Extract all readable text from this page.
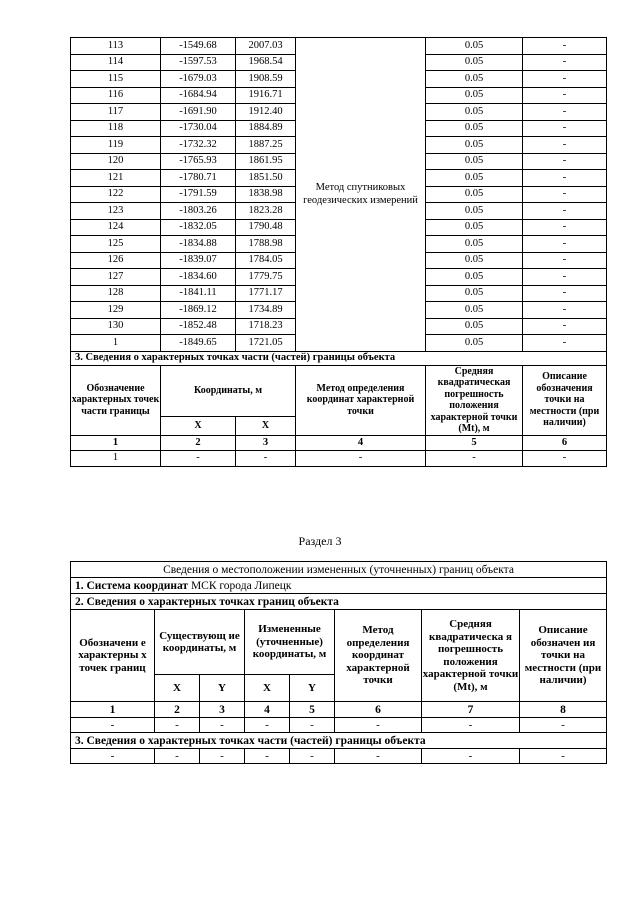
113	-1549.68	2007.03	Метод спутниковых геодезических измерений	0.05	-
114	-1597.53	1968.54		0.05	-
115	-1679.03	1908.59		0.05	-
116	-1684.94	1916.71		0.05	-
117	-1691.90	1912.40		0.05	-
118	-1730.04	1884.89		0.05	-
119	-1732.32	1887.25		0.05	-
120	-1765.93	1861.95		0.05	-
121	-1780.71	1851.50		0.05	-
122	-1791.59	1838.98		0.05	-
123	-1803.26	1823.28		0.05	-
124	-1832.05	1790.48		0.05	-
125	-1834.88	1788.98		0.05	-
126	-1839.07	1784.05		0.05	-
127	-1834.60	1779.75		0.05	-
128	-1841.11	1771.17		0.05	-
129	-1869.12	1734.89		0.05	-
130	-1852.48	1718.23		0.05	-
1	-1849.65	1721.05		0.05	-
3. Сведения о характерных точках части (частей) границы объекта					
Обозначение характерных точек части границы	Координаты, м		Метод определения координат характерной точки	Средняя квадратическая погрешность положения характерной точки (Mt), м	Описание обозначения точки на местности (при наличии)
	X	X			
1	2	3	4	5	6
1	-	-	-	-	-
Раздел 3
Сведения о местоположении измененных (уточненных) границ объекта							
1. Система координат МСК города Липецк							
2. Сведения о характерных точках границ объекта							
Обозначени е характерны х точек границ	Существующ ие координаты, м		Измененные (уточненные) координаты, м		Метод определения координат характерной точки	Средняя квадратическа я погрешность положения характерной точки (Mt), м	Описание обозначен ия точки на местности (при наличии)
	X	Y	X	Y			
1	2	3	4	5	6	7	8
-	-	-	-	-	-	-	-
3. Сведения о характерных точках части (частей) границы объекта							
-	-	-	-	-	-	-	-
